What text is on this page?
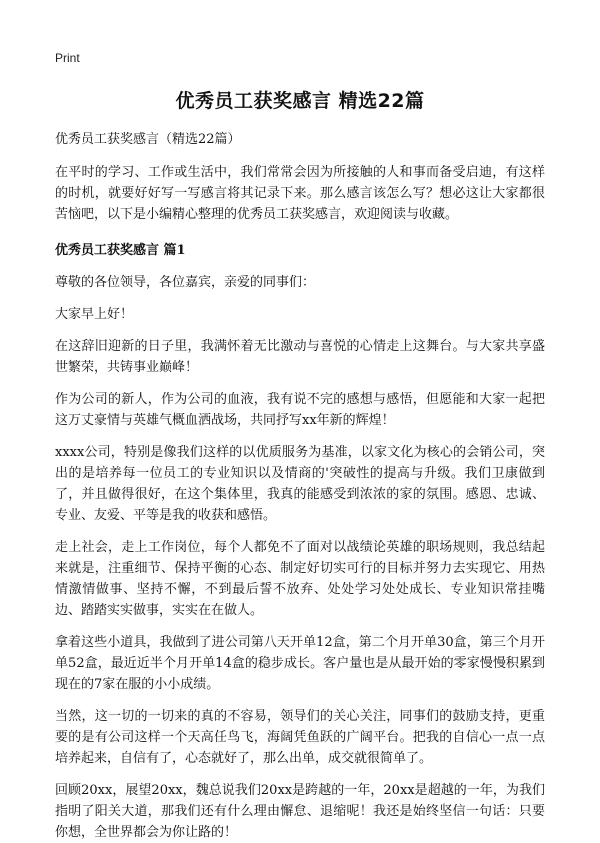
Print
优秀员工获奖感言 精选22篇

优秀员工获奖感言（精选22篇）

在平时的学习、工作或生活中，我们常常会因为所接触的人和事而备受启迪，有这样的时机，就要好好写一写感言将其记录下来。那么感言该怎么写？想必这让大家都很苦恼吧，以下是小编精心整理的优秀员工获奖感言，欢迎阅读与收藏。

优秀员工获奖感言 篇1

尊敬的各位领导，各位嘉宾，亲爱的同事们：

大家早上好！

在这辞旧迎新的日子里，我满怀着无比激动与喜悦的心情走上这舞台。与大家共享盛世繁荣，共铸事业巅峰！

作为公司的新人，作为公司的血液，我有说不完的感想与感悟，但愿能和大家一起把这万丈豪情与英雄气概血洒战场，共同抒写xx年新的辉煌！

xxxx公司，特别是像我们这样的以优质服务为基准，以家文化为核心的会销公司，突出的是培养每一位员工的专业知识以及情商的'突破性的提高与升级。我们卫康做到了，并且做得很好，在这个集体里，我真的能感受到浓浓的家的氛围。感恩、忠诚、专业、友爱、平等是我的收获和感悟。

走上社会，走上工作岗位，每个人都免不了面对以战绩论英雄的职场规则，我总结起来就是，注重细节、保持平衡的心态、制定好切实可行的目标并努力去实现它、用热情激情做事、坚持不懈，不到最后誓不放弃、处处学习处处成长、专业知识常挂嘴边、踏踏实实做事，实实在在做人。

拿着这些小道具，我做到了进公司第八天开单12盒，第二个月开单30盒，第三个月开单52盒，最近近半个月开单14盒的稳步成长。客户量也是从最开始的零家慢慢积累到现在的7家在服的小小成绩。

当然，这一切的一切来的真的不容易，领导们的关心关注，同事们的鼓励支持，更重要的是有公司这样一个天高任鸟飞，海阔凭鱼跃的广阔平台。把我的自信心一点一点培养起来，自信有了，心态就好了，那么出单，成交就很简单了。

回顾20xx，展望20xx，魏总说我们20xx是跨越的一年，20xx是超越的一年，为我们指明了阳关大道，那我们还有什么理由懈怠、退缩呢！我还是始终坚信一句话：只要你想，全世界都会为你让路的！
